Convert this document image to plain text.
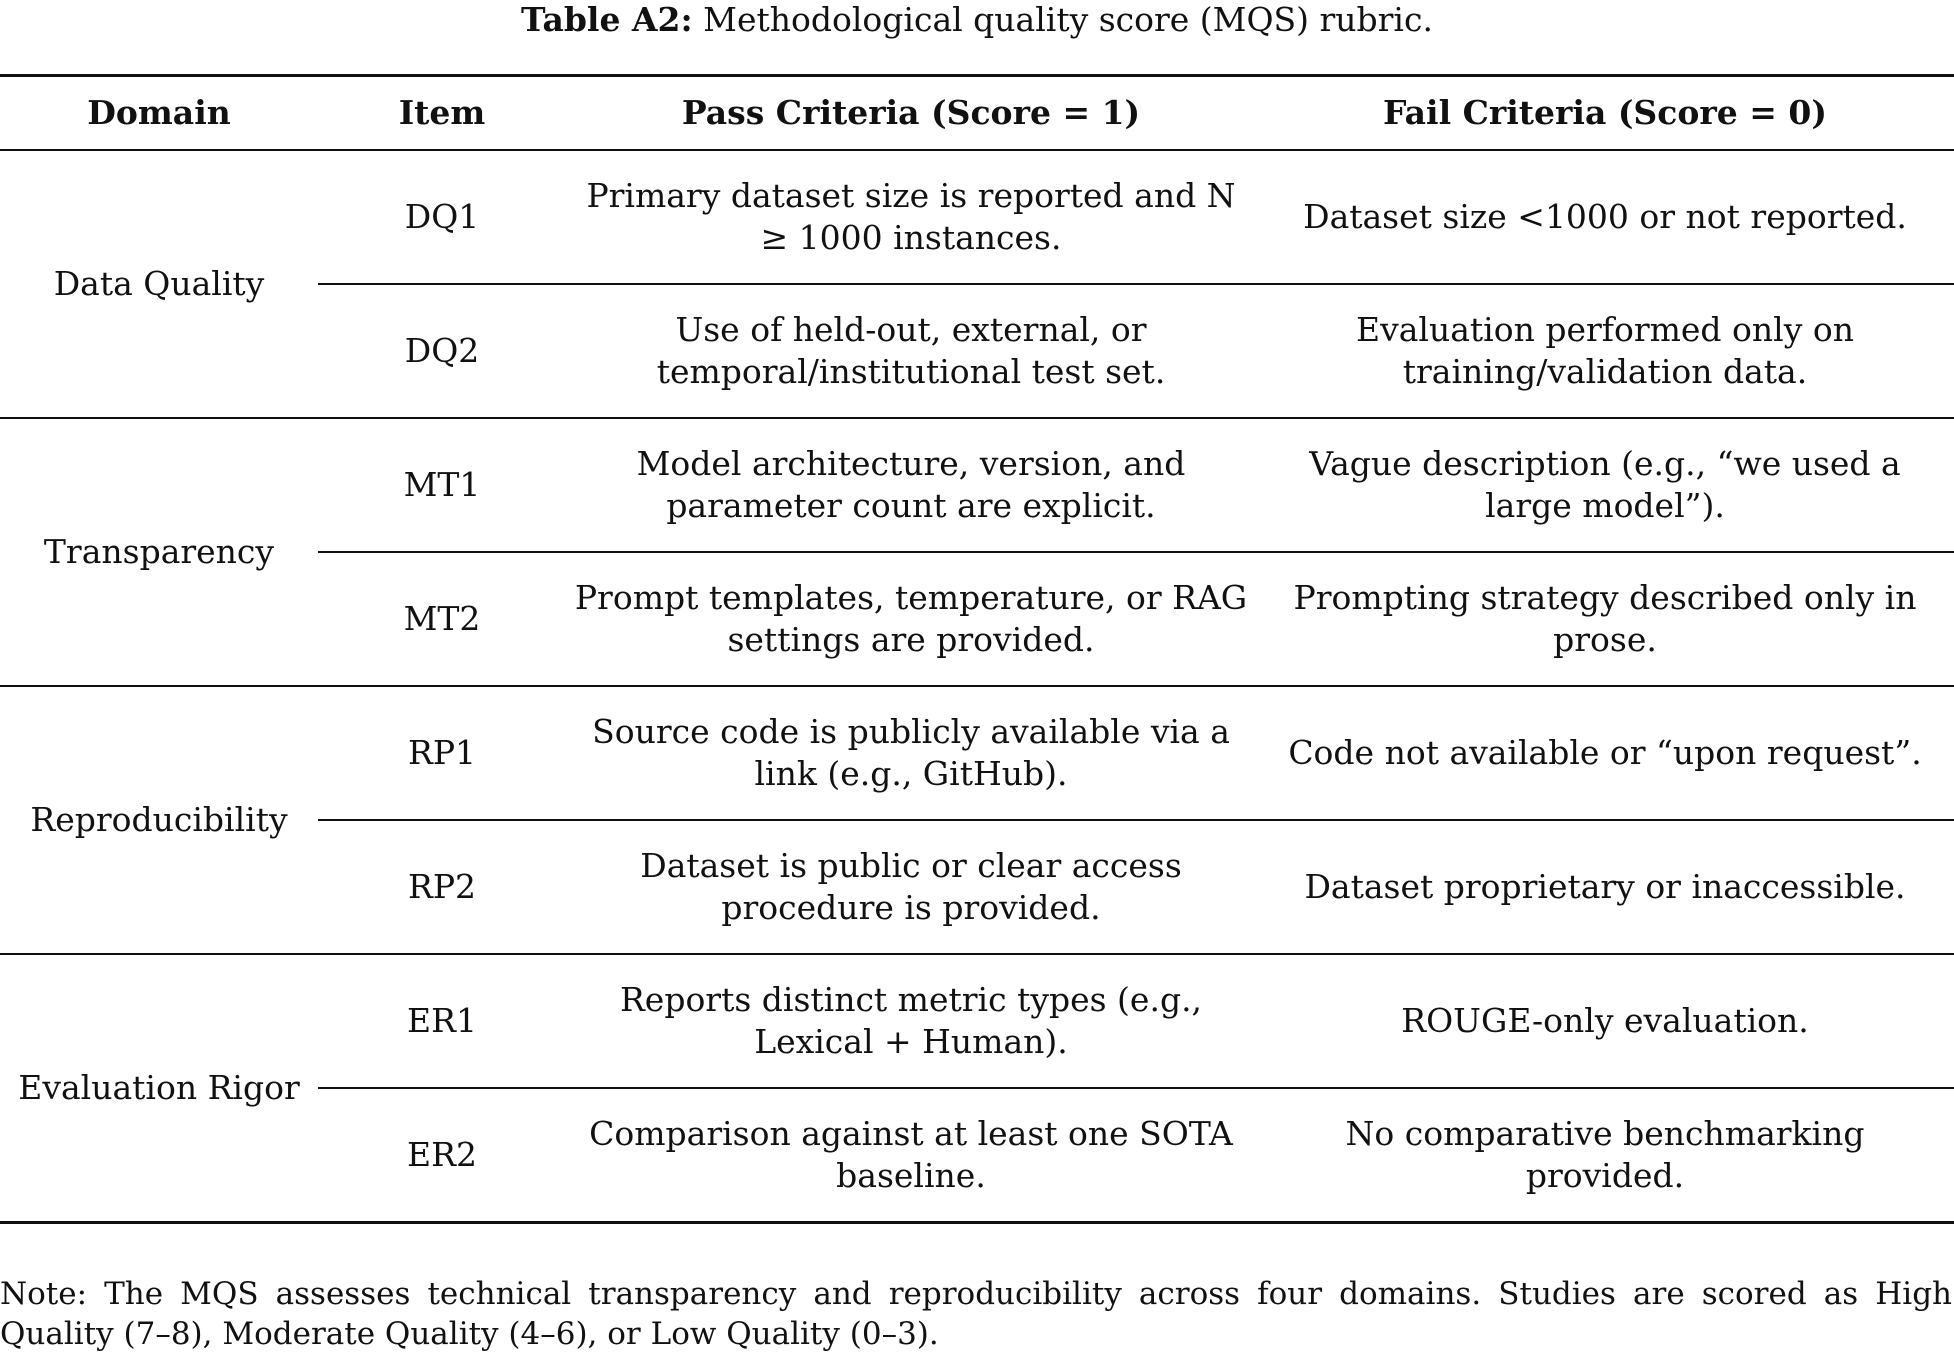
Table A2: Methodological quality score (MQS) rubric.
Domain	Item	Pass Criteria (Score = 1)	Fail Criteria (Score = 0)
Data Quality	DQ1	Primary dataset size is reported and N ≥ 1000 instances.	Dataset size <1000 or not reported.
	DQ2	Use of held-out, external, or temporal/institutional test set.	Evaluation performed only on training/validation data.
Transparency	MT1	Model architecture, version, and parameter count are explicit.	Vague description (e.g., “we used a large model”).
	MT2	Prompt templates, temperature, or RAG settings are provided.	Prompting strategy described only in prose.
Reproducibility	RP1	Source code is publicly available via a link (e.g., GitHub).	Code not available or “upon request”.
	RP2	Dataset is public or clear access procedure is provided.	Dataset proprietary or inaccessible.
Evaluation Rigor	ER1	Reports distinct metric types (e.g., Lexical + Human).	ROUGE-only evaluation.
	ER2	Comparison against at least one SOTA baseline.	No comparative benchmarking provided.
Note: The MQS assesses technical transparency and reproducibility across four domains. Studies are scored as High Quality (7–8), Moderate Quality (4–6), or Low Quality (0–3).
